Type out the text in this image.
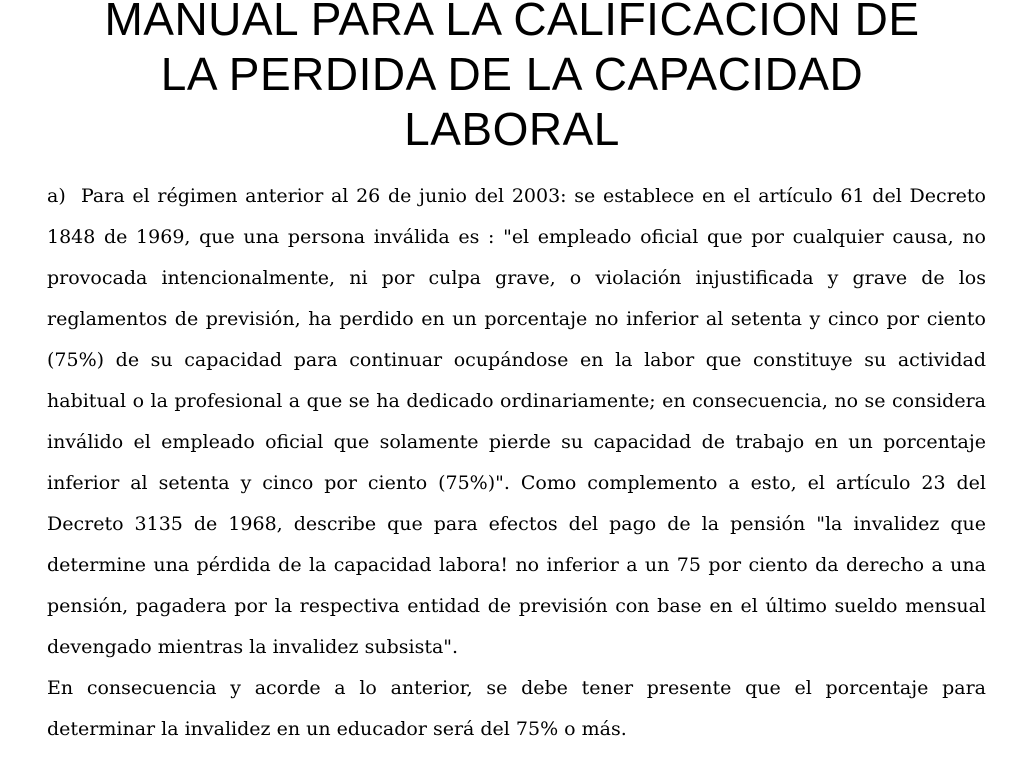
MANUAL PARA LA CALIFICACION DE
LA PERDIDA DE LA CAPACIDAD
LABORAL

a) Para el régimen anterior al 26 de junio del 2003: se establece en el artículo 61 del Decreto 1848 de 1969, que una persona inválida es : "el empleado oficial que por cualquier causa, no provocada intencionalmente, ni por culpa grave, o violación injustificada y grave de los reglamentos de previsión, ha perdido en un porcentaje no inferior al setenta y cinco por ciento (75%) de su capacidad para continuar ocupándose en la labor que constituye su actividad habitual o la profesional a que se ha dedicado ordinariamente; en consecuencia, no se considera inválido el empleado oficial que solamente pierde su capacidad de trabajo en un porcentaje inferior al setenta y cinco por ciento (75%)". Como complemento a esto, el artículo 23 del Decreto 3135 de 1968, describe que para efectos del pago de la pensión "la invalidez que determine una pérdida de la capacidad labora! no inferior a un 75 por ciento da derecho a una pensión, pagadera por la respectiva entidad de previsión con base en el último sueldo mensual devengado mientras la invalidez subsista".

En consecuencia y acorde a lo anterior, se debe tener presente que el porcentaje para determinar la invalidez en un educador será del 75% o más.
